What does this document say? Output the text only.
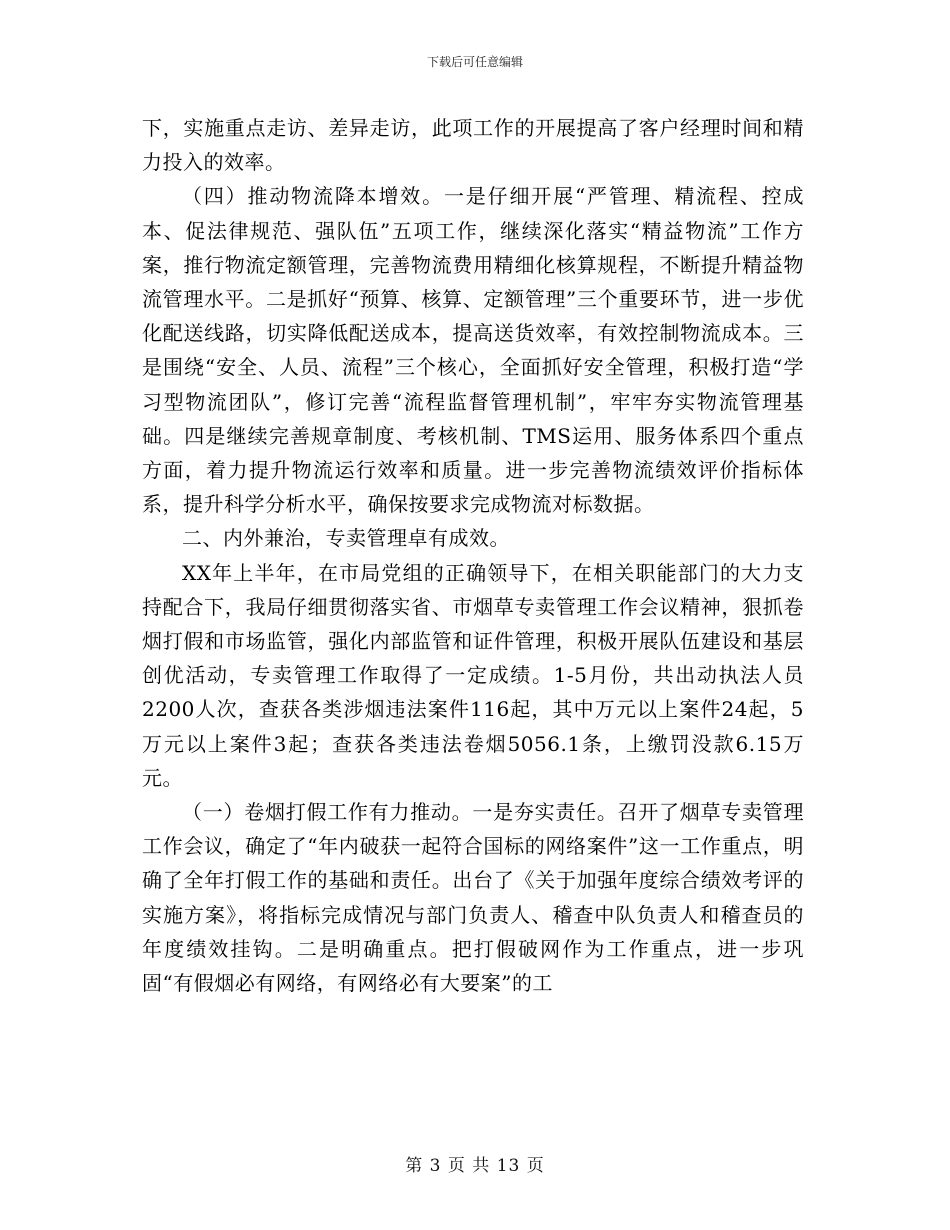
下载后可任意编辑

下，实施重点走访、差异走访，此项工作的开展提高了客户经理时间和精力投入的效率。

（四）推动物流降本增效。一是仔细开展“严管理、精流程、控成本、促法律规范、强队伍”五项工作，继续深化落实“精益物流”工作方案，推行物流定额管理，完善物流费用精细化核算规程，不断提升精益物流管理水平。二是抓好“预算、核算、定额管理”三个重要环节，进一步优化配送线路，切实降低配送成本，提高送货效率，有效控制物流成本。三是围绕“安全、人员、流程”三个核心，全面抓好安全管理，积极打造“学习型物流团队”，修订完善“流程监督管理机制”，牢牢夯实物流管理基础。四是继续完善规章制度、考核机制、TMS运用、服务体系四个重点方面，着力提升物流运行效率和质量。进一步完善物流绩效评价指标体系，提升科学分析水平，确保按要求完成物流对标数据。

二、内外兼治，专卖管理卓有成效。

XX年上半年，在市局党组的正确领导下，在相关职能部门的大力支持配合下，我局仔细贯彻落实省、市烟草专卖管理工作会议精神，狠抓卷烟打假和市场监管，强化内部监管和证件管理，积极开展队伍建设和基层创优活动，专卖管理工作取得了一定成绩。1-5月份，共出动执法人员2200人次，查获各类涉烟违法案件116起，其中万元以上案件24起，5万元以上案件3起；查获各类违法卷烟5056.1条，上缴罚没款6.15万元。

（一）卷烟打假工作有力推动。一是夯实责任。召开了烟草专卖管理工作会议，确定了“年内破获一起符合国标的网络案件”这一工作重点，明确了全年打假工作的基础和责任。出台了《关于加强年度综合绩效考评的实施方案》，将指标完成情况与部门负责人、稽查中队负责人和稽查员的年度绩效挂钩。二是明确重点。把打假破网作为工作重点，进一步巩固“有假烟必有网络，有网络必有大要案”的工

第 3 页 共 13 页
